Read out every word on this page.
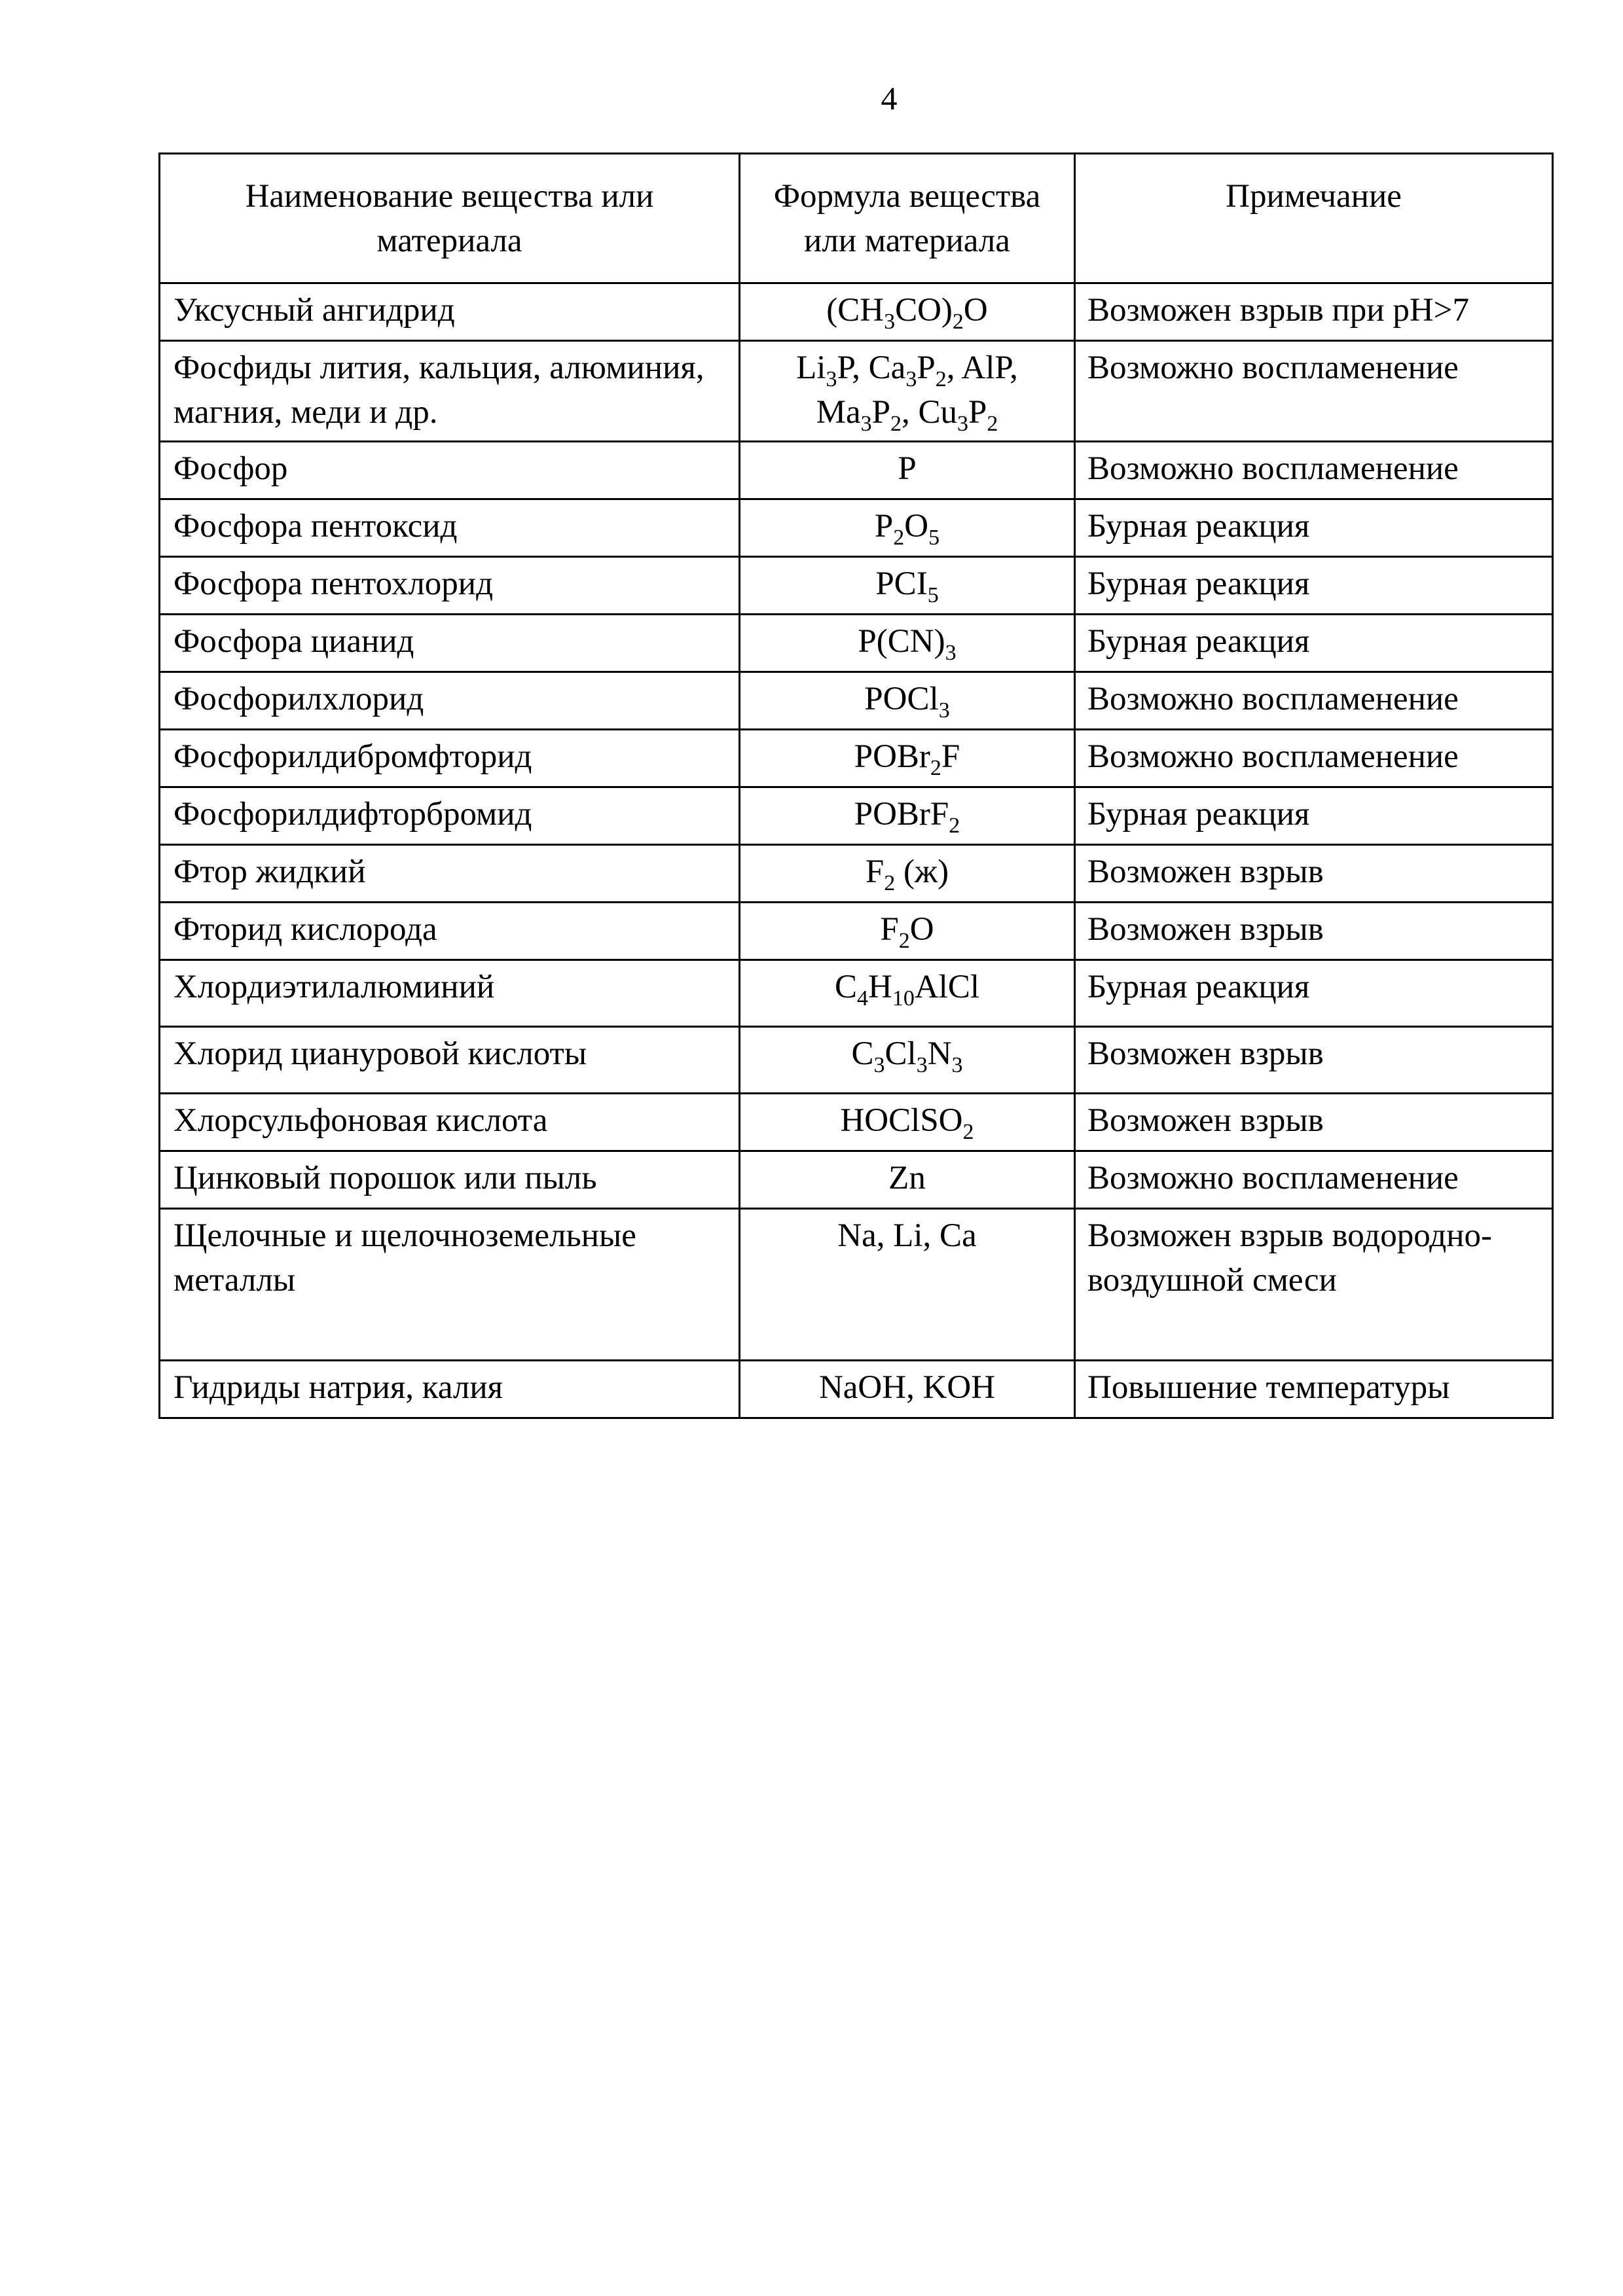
4
Наименование вещества или материала	Формула вещества или материала	Примечание
Уксусный ангидрид	$(CH_3CO)_2O$	Возможен взрыв при pH>7
Фосфиды лития, кальция, алюминия, магния, меди и др.	$Li_3P$, $Ca_3P_2$, AlP, $Ma_3P_2$, $Cu_3P_2$	Возможно воспламенение
Фосфор	P	Возможно воспламенение
Фосфора пентоксид	$P_2O_5$	Бурная реакция
Фосфора пентохлорид	$PCI_5$	Бурная реакция
Фосфора цианид	$P(CN)_3$	Бурная реакция
Фосфорилхлорид	POCl$_3$	Возможно воспламенение
Фосфорилдибромфторид	POBr$_2$F	Возможно воспламенение
Фосфорилдифторбромид	POBrF$_2$	Бурная реакция
Фтор жидкий	$F_2$ (ж)	Возможен взрыв
Фторид кислорода	$F_2O$	Возможен взрыв
Хлордиэтилалюминий	$C_4H_{10}AlCl$	Бурная реакция
Хлорид циануровой кислоты	$C_3Cl_3N_3$	Возможен взрыв
Хлорсульфоновая кислота	HOClSO$_2$	Возможен взрыв
Цинковый порошок или пыль	Zn	Возможно воспламенение
Щелочные и щелочноземельные металлы	Na, Li, Ca	Возможен взрыв водородно-воздушной смеси
Гидриды натрия, калия	NaOH, KOH	Повышение температуры
